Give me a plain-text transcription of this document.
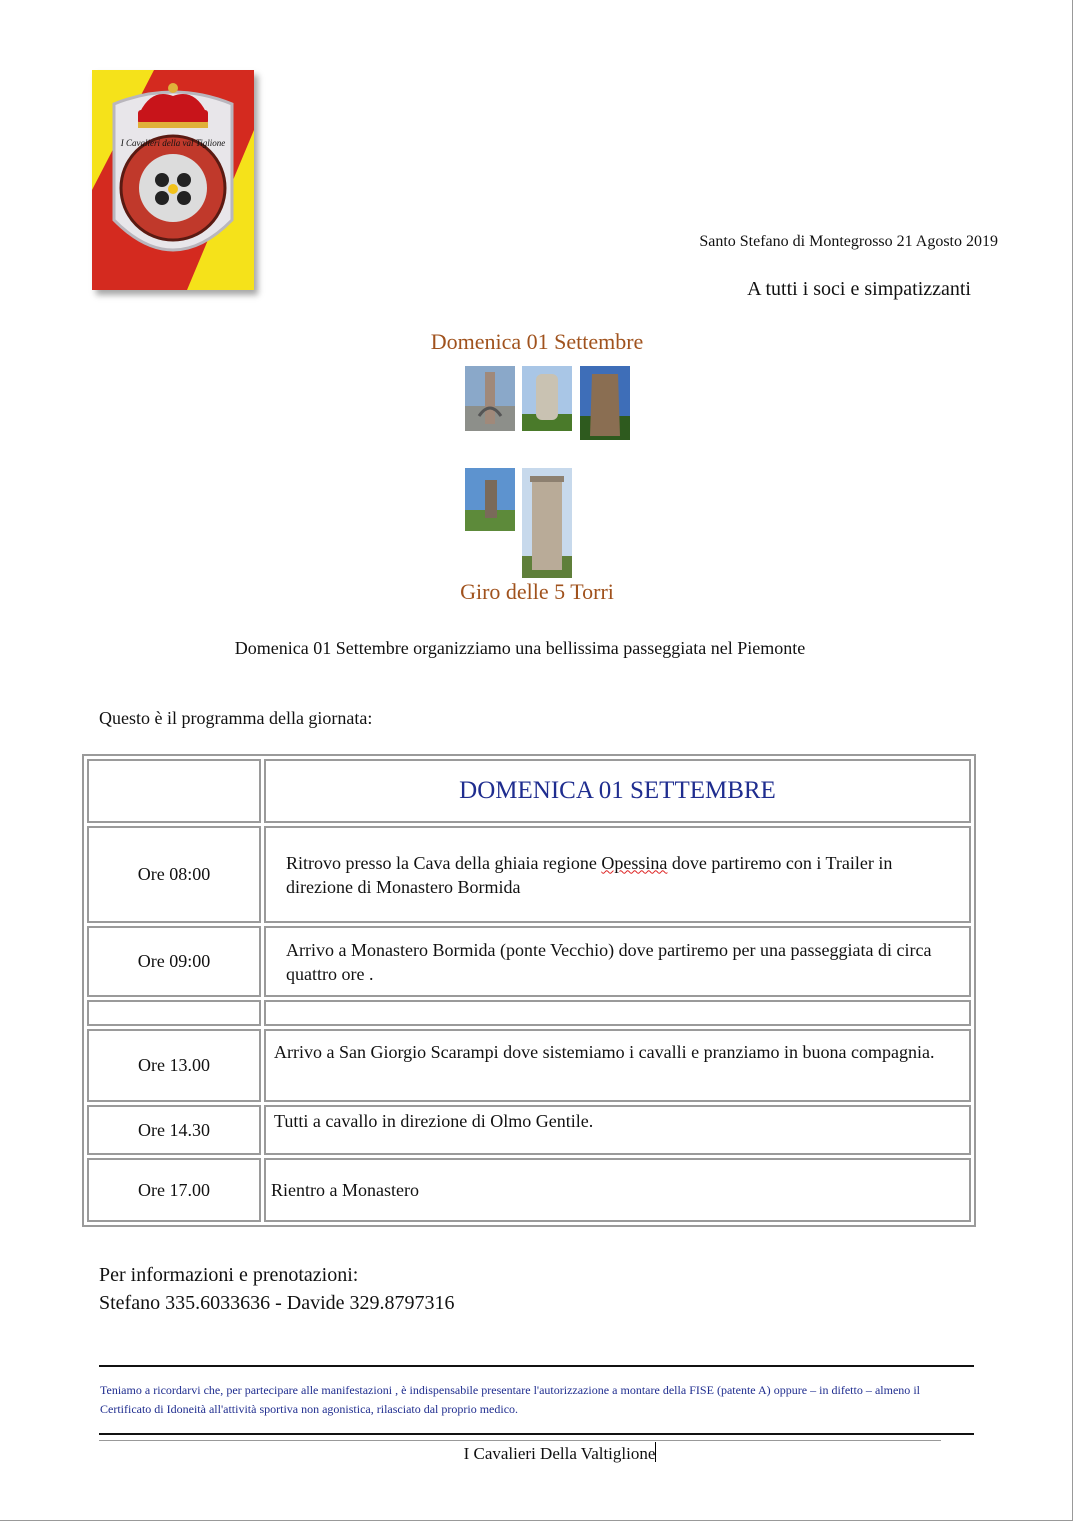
I Cavalieri della val Tiglione
Santo Stefano di Montegrosso 21 Agosto 2019
A tutti i soci e simpatizzanti
Domenica 01 Settembre
Giro delle 5 Torri
Domenica 01 Settembre organizziamo una bellissima passeggiata nel Piemonte
Questo è il programma della giornata:
	DOMENICA 01 SETTEMBRE
Ore 08:00	Ritrovo presso la Cava della ghiaia regione Opessina dove partiremo con i Trailer in direzione di Monastero Bormida
Ore 09:00	Arrivo a Monastero Bormida (ponte Vecchio) dove partiremo per una passeggiata di circa quattro ore .

Ore 13.00	Arrivo a San Giorgio Scarampi dove sistemiamo i cavalli e pranziamo in buona compagnia.
Ore 14.30	Tutti a cavallo in direzione di Olmo Gentile.
Ore 17.00	Rientro a Monastero
Per informazioni e prenotazioni:
Stefano 335.6033636 - Davide 329.8797316
Teniamo a ricordarvi che, per partecipare alle manifestazioni , è indispensabile presentare l'autorizzazione a montare della FISE (patente A) oppure – in difetto – almeno il Certificato di Idoneità all'attività sportiva non agonistica, rilasciato dal proprio medico.
I Cavalieri Della Valtiglione
